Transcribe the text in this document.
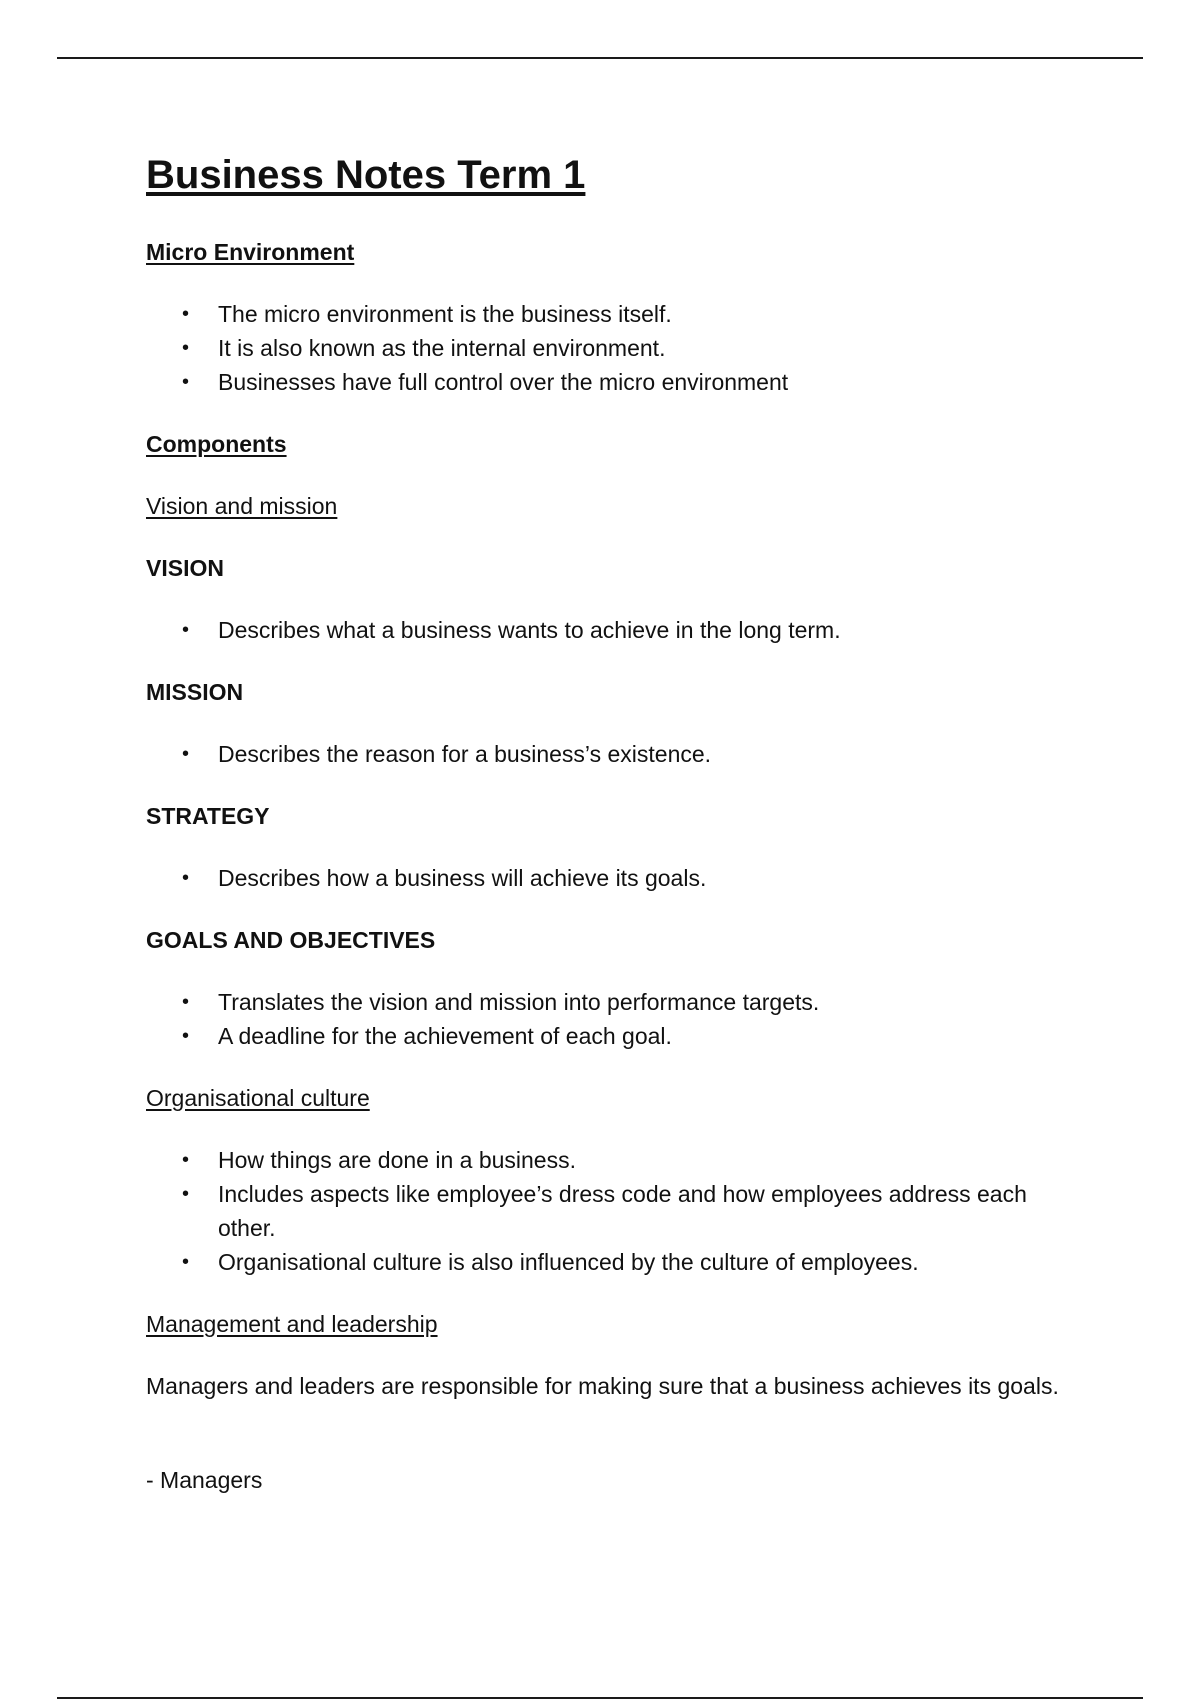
Business Notes Term 1
Micro Environment
• The micro environment is the business itself.
• It is also known as the internal environment.
• Businesses have full control over the micro environment
Components
Vision and mission
VISION
• Describes what a business wants to achieve in the long term.
MISSION
• Describes the reason for a business’s existence.
STRATEGY
• Describes how a business will achieve its goals.
GOALS AND OBJECTIVES
• Translates the vision and mission into performance targets.
• A deadline for the achievement of each goal.
Organisational culture
• How things are done in a business.
• Includes aspects like employee’s dress code and how employees address each other.
• Organisational culture is also influenced by the culture of employees.
Management and leadership

Managers and leaders are responsible for making sure that a business achieves its goals.

- Managers
